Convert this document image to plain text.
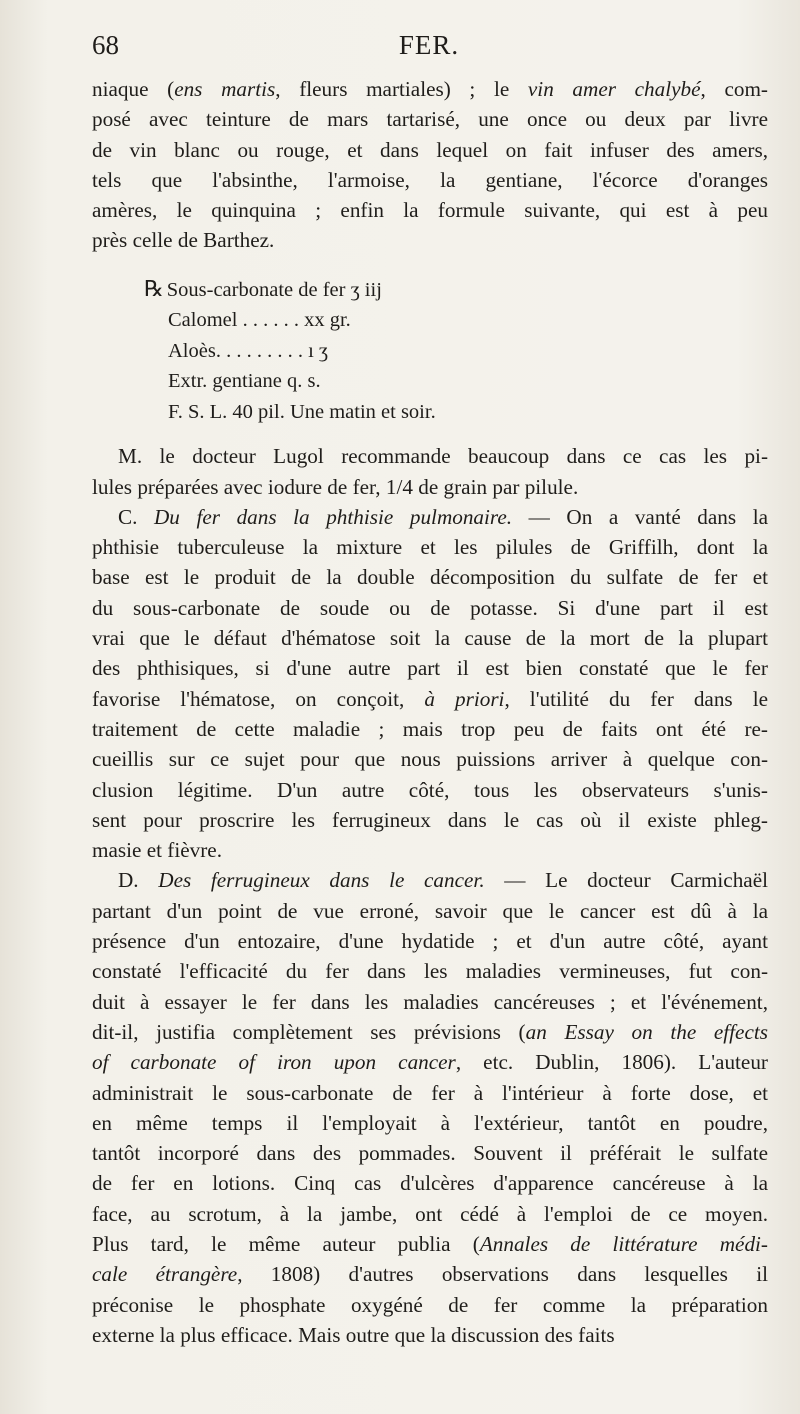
68	FER.
niaque (ens martis, fleurs martiales) ; le vin amer chalybé, com-
posé avec teinture de mars tartarisé, une once ou deux par livre
de vin blanc ou rouge, et dans lequel on fait infuser des amers,
tels que l'absinthe, l'armoise, la gentiane, l'écorce d'oranges
amères, le quinquina ; enfin la formule suivante, qui est à peu
près celle de Barthez.
℞ Sous-carbonate de fer ʒ iij
Calomel . . . . . . xx gr.
Aloès. . . . . . . . . ı ʒ
Extr. gentiane q. s.
F. S. L. 40 pil. Une matin et soir.
M. le docteur Lugol recommande beaucoup dans ce cas les pi-
lules préparées avec iodure de fer, 1/4 de grain par pilule.
C. Du fer dans la phthisie pulmonaire. — On a vanté dans la
phthisie tuberculeuse la mixture et les pilules de Griffilh, dont la
base est le produit de la double décomposition du sulfate de fer et
du sous-carbonate de soude ou de potasse. Si d'une part il est
vrai que le défaut d'hématose soit la cause de la mort de la plupart
des phthisiques, si d'une autre part il est bien constaté que le fer
favorise l'hématose, on conçoit, à priori, l'utilité du fer dans le
traitement de cette maladie ; mais trop peu de faits ont été re-
cueillis sur ce sujet pour que nous puissions arriver à quelque con-
clusion légitime. D'un autre côté, tous les observateurs s'unis-
sent pour proscrire les ferrugineux dans le cas où il existe phleg-
masie et fièvre.
D. Des ferrugineux dans le cancer. — Le docteur Carmichaël
partant d'un point de vue erroné, savoir que le cancer est dû à la
présence d'un entozaire, d'une hydatide ; et d'un autre côté, ayant
constaté l'efficacité du fer dans les maladies vermineuses, fut con-
duit à essayer le fer dans les maladies cancéreuses ; et l'événement,
dit-il, justifia complètement ses prévisions (an Essay on the effects
of carbonate of iron upon cancer, etc. Dublin, 1806). L'auteur
administrait le sous-carbonate de fer à l'intérieur à forte dose, et
en même temps il l'employait à l'extérieur, tantôt en poudre,
tantôt incorporé dans des pommades. Souvent il préférait le sulfate
de fer en lotions. Cinq cas d'ulcères d'apparence cancéreuse à la
face, au scrotum, à la jambe, ont cédé à l'emploi de ce moyen.
Plus tard, le même auteur publia (Annales de littérature médi-
cale étrangère, 1808) d'autres observations dans lesquelles il
préconise le phosphate oxygéné de fer comme la préparation
externe la plus efficace. Mais outre que la discussion des faits
